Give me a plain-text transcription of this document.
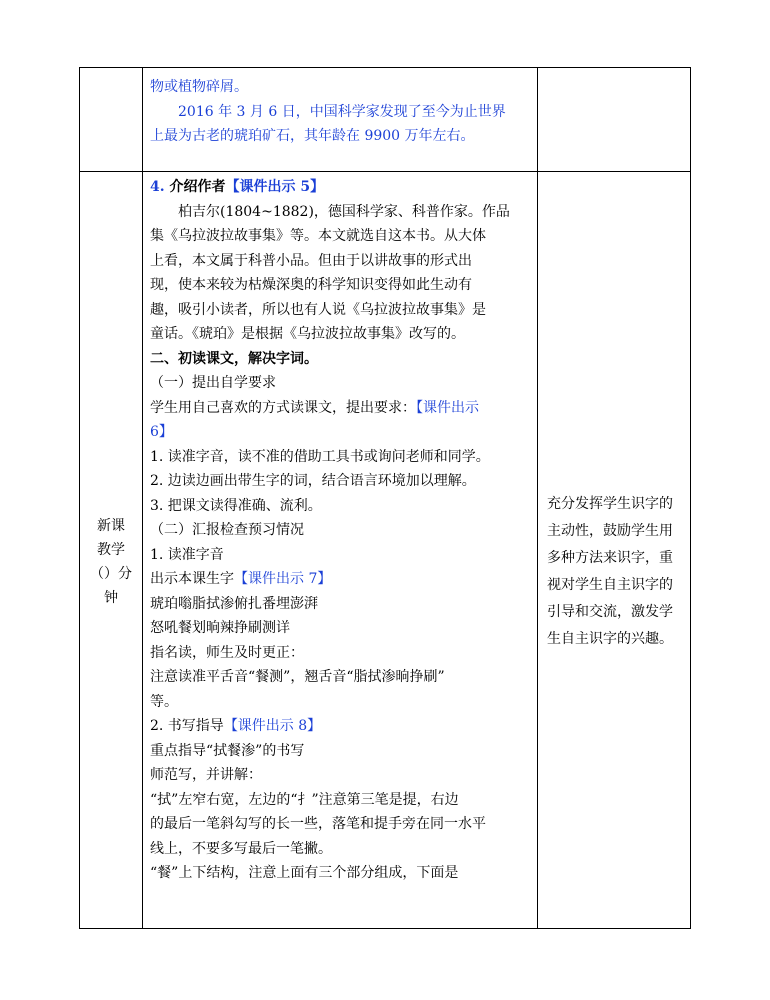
物或植物碎屑。

2016 年 3 月 6 日，中国科学家发现了至今为止世界

上最为古老的琥珀矿石，其年龄在 9900 万年左右。

新课
教学
（）分
钟

4. 介绍作者【课件出示 5】

柏吉尔(1804~1882)，德国科学家、科普作家。作品

集《乌拉波拉故事集》等。本文就选自这本书。从大体

上看，本文属于科普小品。但由于以讲故事的形式出

现，使本来较为枯燥深奥的科学知识变得如此生动有

趣，吸引小读者，所以也有人说《乌拉波拉故事集》是

童话。《琥珀》是根据《乌拉波拉故事集》改写的。

二、初读课文，解决字词。

（一）提出自学要求

学生用自己喜欢的方式读课文，提出要求：【课件出示

6】

1. 读准字音，读不准的借助工具书或询问老师和同学。

2. 边读边画出带生字的词，结合语言环境加以理解。

3. 把课文读得准确、流利。

（二）汇报检查预习情况

1. 读准字音

出示本课生字【课件出示 7】

琥珀嗡脂拭渗俯扎番埋澎湃

怒吼餐划晌辣挣刷测详

指名读，师生及时更正：

注意读准平舌音“餐测”，翘舌音“脂拭渗晌挣刷”

等。

2. 书写指导【课件出示 8】

重点指导“拭餐渗”的书写

师范写，并讲解：

“拭”左窄右宽，左边的“扌”注意第三笔是提，右边

的最后一笔斜勾写的长一些，落笔和提手旁在同一水平

线上，不要多写最后一笔撇。

“餐”上下结构，注意上面有三个部分组成，下面是

充分发挥学生识字的
主动性，鼓励学生用
多种方法来识字，重
视对学生自主识字的
引导和交流，激发学
生自主识字的兴趣。
